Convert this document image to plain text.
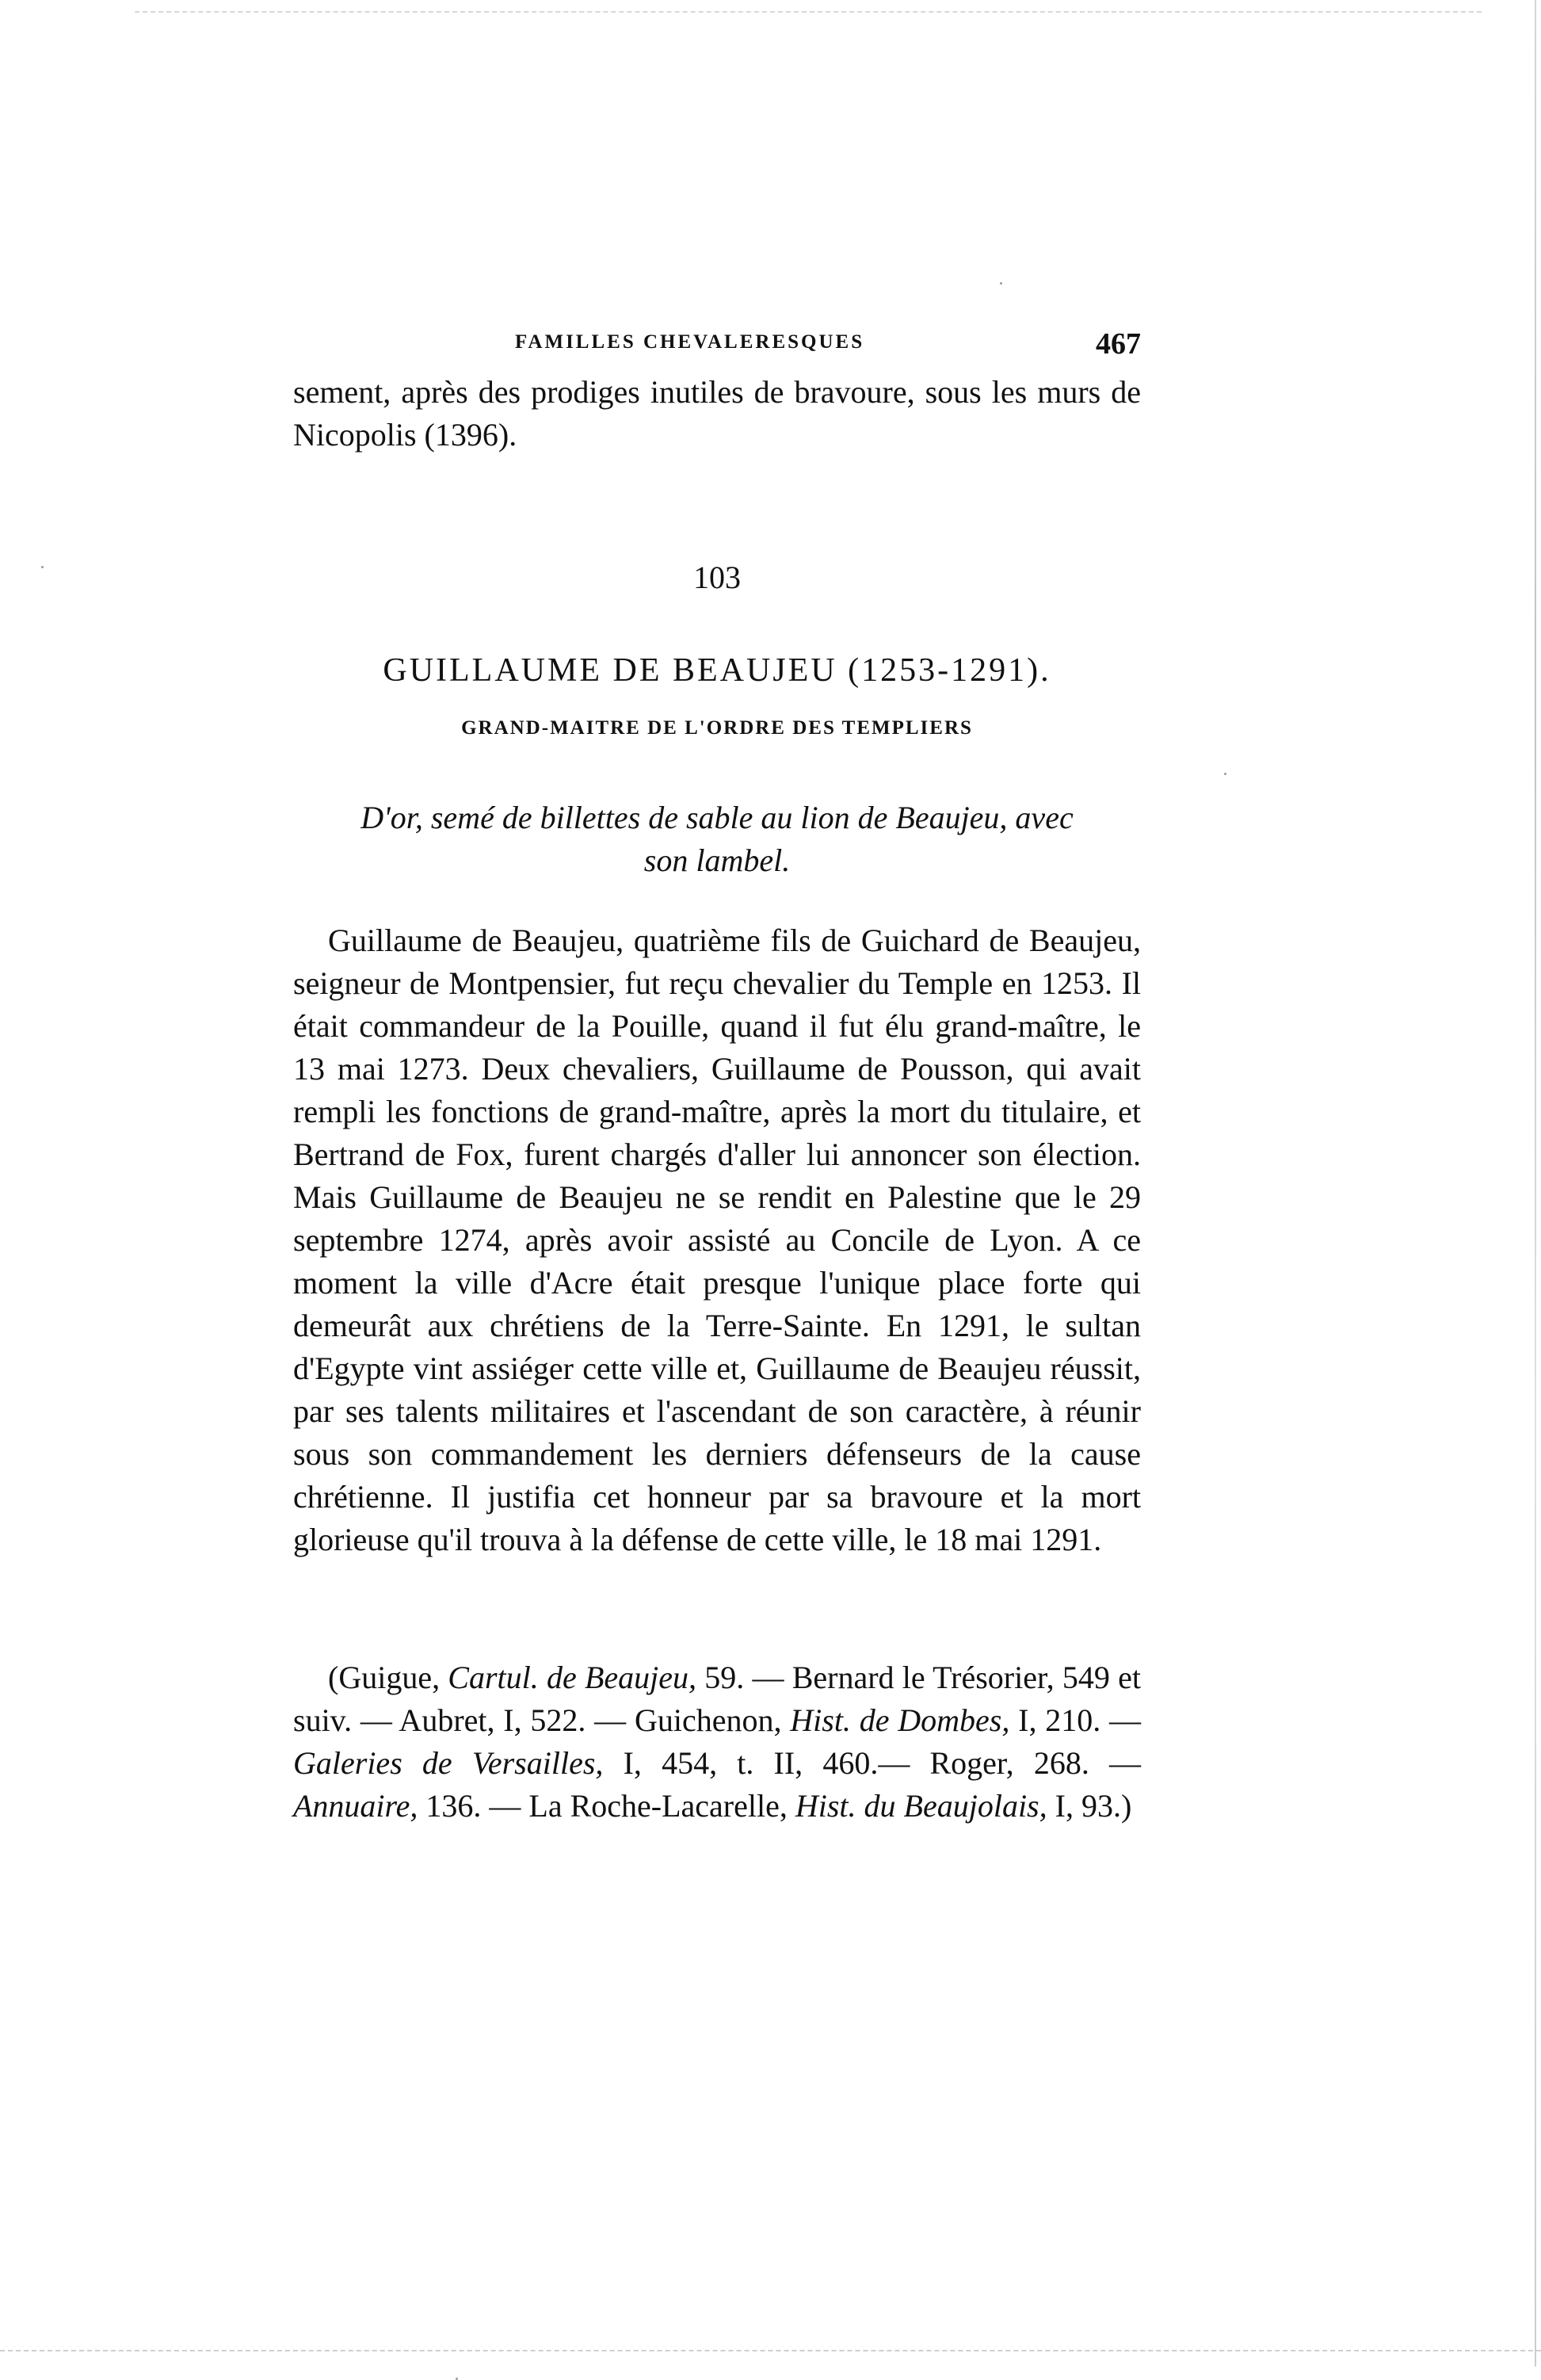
FAMILLES CHEVALERESQUES	467
sement, après des prodiges inutiles de bravoure, sous les murs de Nicopolis (1396).
103
GUILLAUME DE BEAUJEU (1253-1291).
GRAND-MAITRE DE L'ORDRE DES TEMPLIERS
D'or, semé de billettes de sable au lion de Beaujeu, avec son lambel.
Guillaume de Beaujeu, quatrième fils de Guichard de Beaujeu, seigneur de Montpensier, fut reçu chevalier du Temple en 1253. Il était commandeur de la Pouille, quand il fut élu grand-maître, le 13 mai 1273. Deux chevaliers, Guillaume de Pousson, qui avait rempli les fonctions de grand-maître, après la mort du titulaire, et Bertrand de Fox, furent chargés d'aller lui annoncer son élection. Mais Guillaume de Beaujeu ne se rendit en Palestine que le 29 septembre 1274, après avoir assisté au Concile de Lyon. A ce moment la ville d'Acre était presque l'unique place forte qui demeurât aux chrétiens de la Terre-Sainte. En 1291, le sultan d'Egypte vint assiéger cette ville et, Guillaume de Beaujeu réussit, par ses talents militaires et l'ascendant de son caractère, à réunir sous son commandement les derniers défenseurs de la cause chrétienne. Il justifia cet honneur par sa bravoure et la mort glorieuse qu'il trouva à la défense de cette ville, le 18 mai 1291.
(Guigue, Cartul. de Beaujeu, 59. — Bernard le Trésorier, 549 et suiv. — Aubret, I, 522. — Guichenon, Hist. de Dombes, I, 210. — Galeries de Versailles, I, 454, t. II, 460.— Roger, 268. — Annuaire, 136. — La Roche-Lacarelle, Hist. du Beaujolais, I, 93.)
